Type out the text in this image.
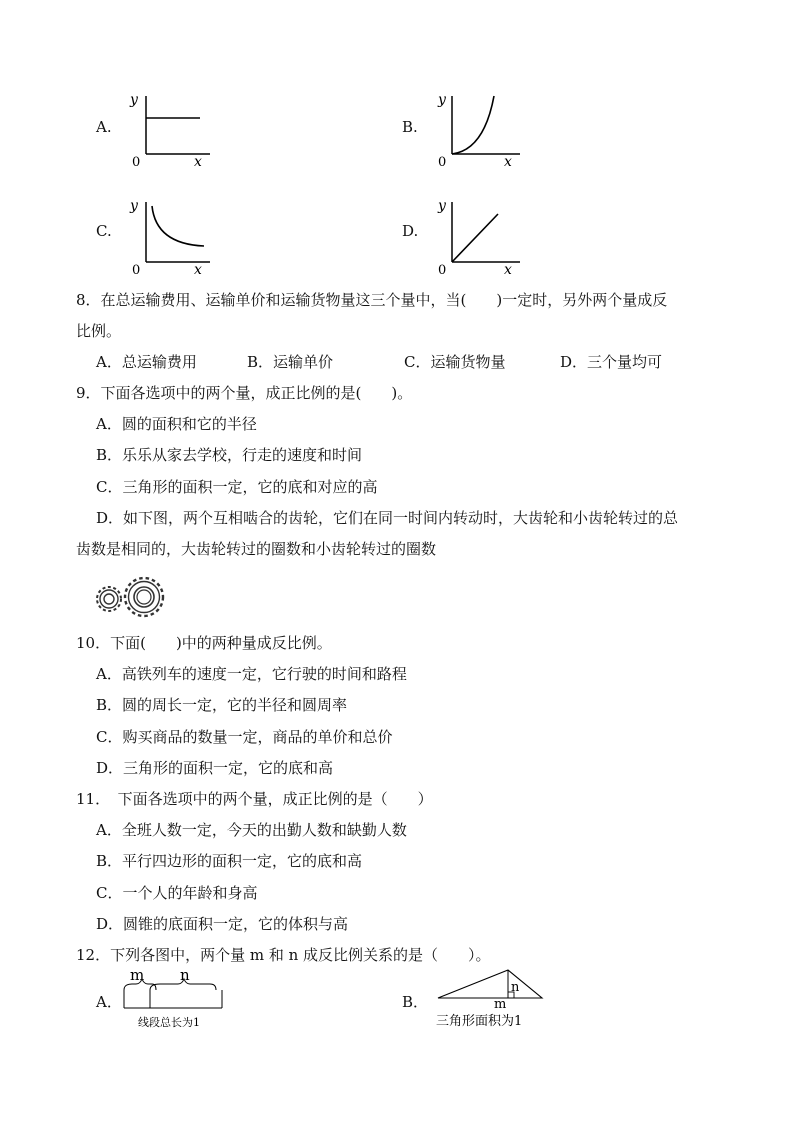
A.
y
0	x
B.
y
0	x
C.
y
0	x
D.
y
0	x
8．在总运输费用、运输单价和运输货物量这三个量中，当(　　)一定时，另外两个量成反
比例。
A．总运输费用	B．运输单价	C．运输货物量	D．三个量均可
9．下面各选项中的两个量，成正比例的是(　　)。
A．圆的面积和它的半径
B．乐乐从家去学校，行走的速度和时间
C．三角形的面积一定，它的底和对应的高
D．如下图，两个互相啮合的齿轮，它们在同一时间内转动时，大齿轮和小齿轮转过的总
齿数是相同的，大齿轮转过的圈数和小齿轮转过的圈数
10．下面(　　)中的两种量成反比例。
A．高铁列车的速度一定，它行驶的时间和路程
B．圆的周长一定，它的半径和圆周率
C．购买商品的数量一定，商品的单价和总价
D．三角形的面积一定，它的底和高
11．　下面各选项中的两个量，成正比例的是（　　）
A．全班人数一定，今天的出勤人数和缺勤人数
B．平行四边形的面积一定，它的底和高
C．一个人的年龄和身高
D．圆锥的底面积一定，它的体积与高
12．下列各图中，两个量 m 和 n 成反比例关系的是（　　）。
A．
m n
线段总长为1
B．
n
m
三角形面积为1
